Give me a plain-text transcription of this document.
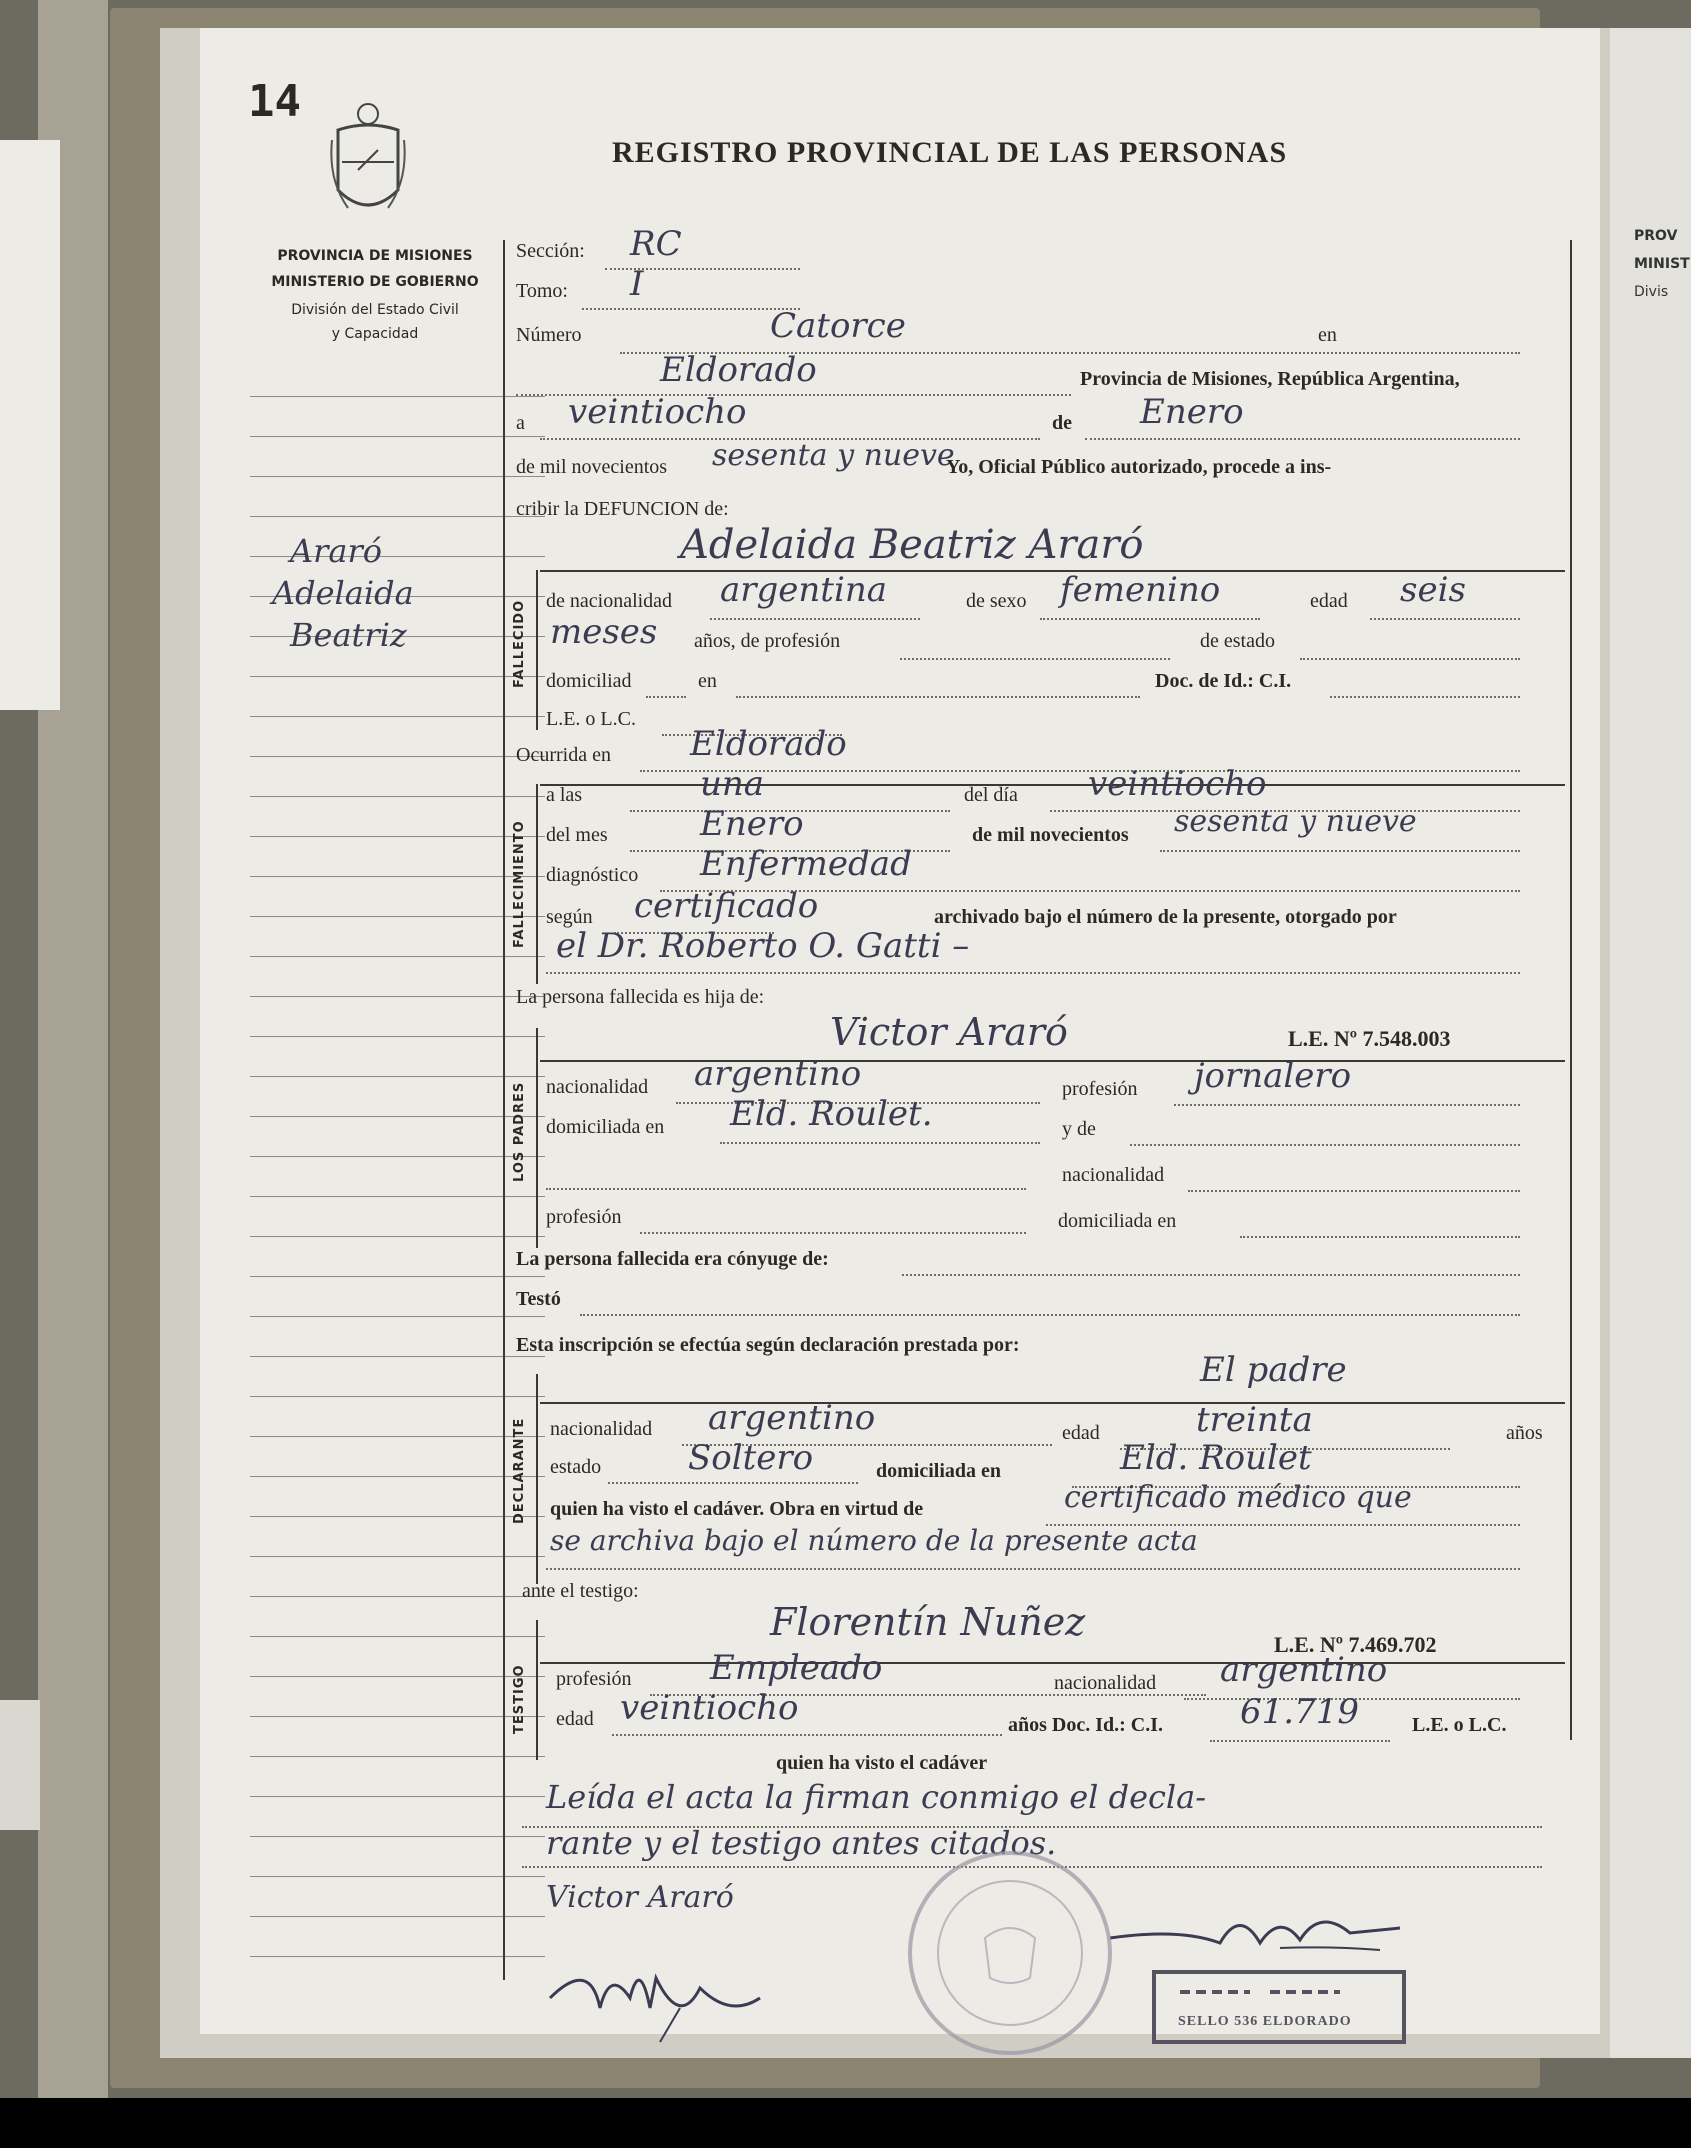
PROV
MINIST
Divis
14
REGISTRO PROVINCIAL DE LAS PERSONAS
PROVINCIA DE MISIONES
MINISTERIO DE GOBIERNO
División del Estado Civil
y Capacidad
Araró
Adelaida
Beatriz
Sección: RC
Tomo: I
Número	Catorce	en
Eldorado	Provincia de Misiones, República Argentina,
a veintiocho	de Enero
de mil novecientos sesenta y nueve
Yo, Oficial Público autorizado, procede a ins-
cribir la DEFUNCION de:
FALLECIDO
Adelaida Beatriz Araró
de nacionalidad argentina	de sexo femenino	edad seis
meses años, de profesión	de estado
domiciliad	en	Doc. de Id.: C.I.
L.E. o L.C.
Ocurrida en Eldorado
FALLECIMIENTO
a las	una	del día veintiocho
del mes	Enero	de mil novecientos sesenta y nueve
diagnóstico Enfermedad
según certificado	archivado bajo el número de la presente, otorgado por
el Dr. Roberto O. Gatti –
La persona fallecida es hija de:
LOS PADRES
Victor Araró	L.E. Nº 7.548.003
nacionalidad argentino	profesión jornalero
domiciliada en Eld. Roulet.	y de
nacionalidad
profesión	domiciliada en
La persona fallecida era cónyuge de:
Testó
Esta inscripción se efectúa según declaración prestada por:
El padre
DECLARANTE nacionalidad argentino	edad	treinta	años
estado	Soltero	domiciliada en	Eld. Roulet
quien ha visto el cadáver. Obra en virtud de	certificado médico que
se archiva bajo el número de la presente acta
ante el testigo:
Florentín Nuñez
L.E. Nº 7.469.702
TESTIGO profesión Empleado	nacionalidad argentino
edad veintiocho	años Doc. Id.: C.I. 61.719	L.E. o L.C.
quien ha visto el cadáver
Leída el acta la firman conmigo el decla-
rante y el testigo antes citados.
Victor Araró
SELLO 536 ELDORADO
